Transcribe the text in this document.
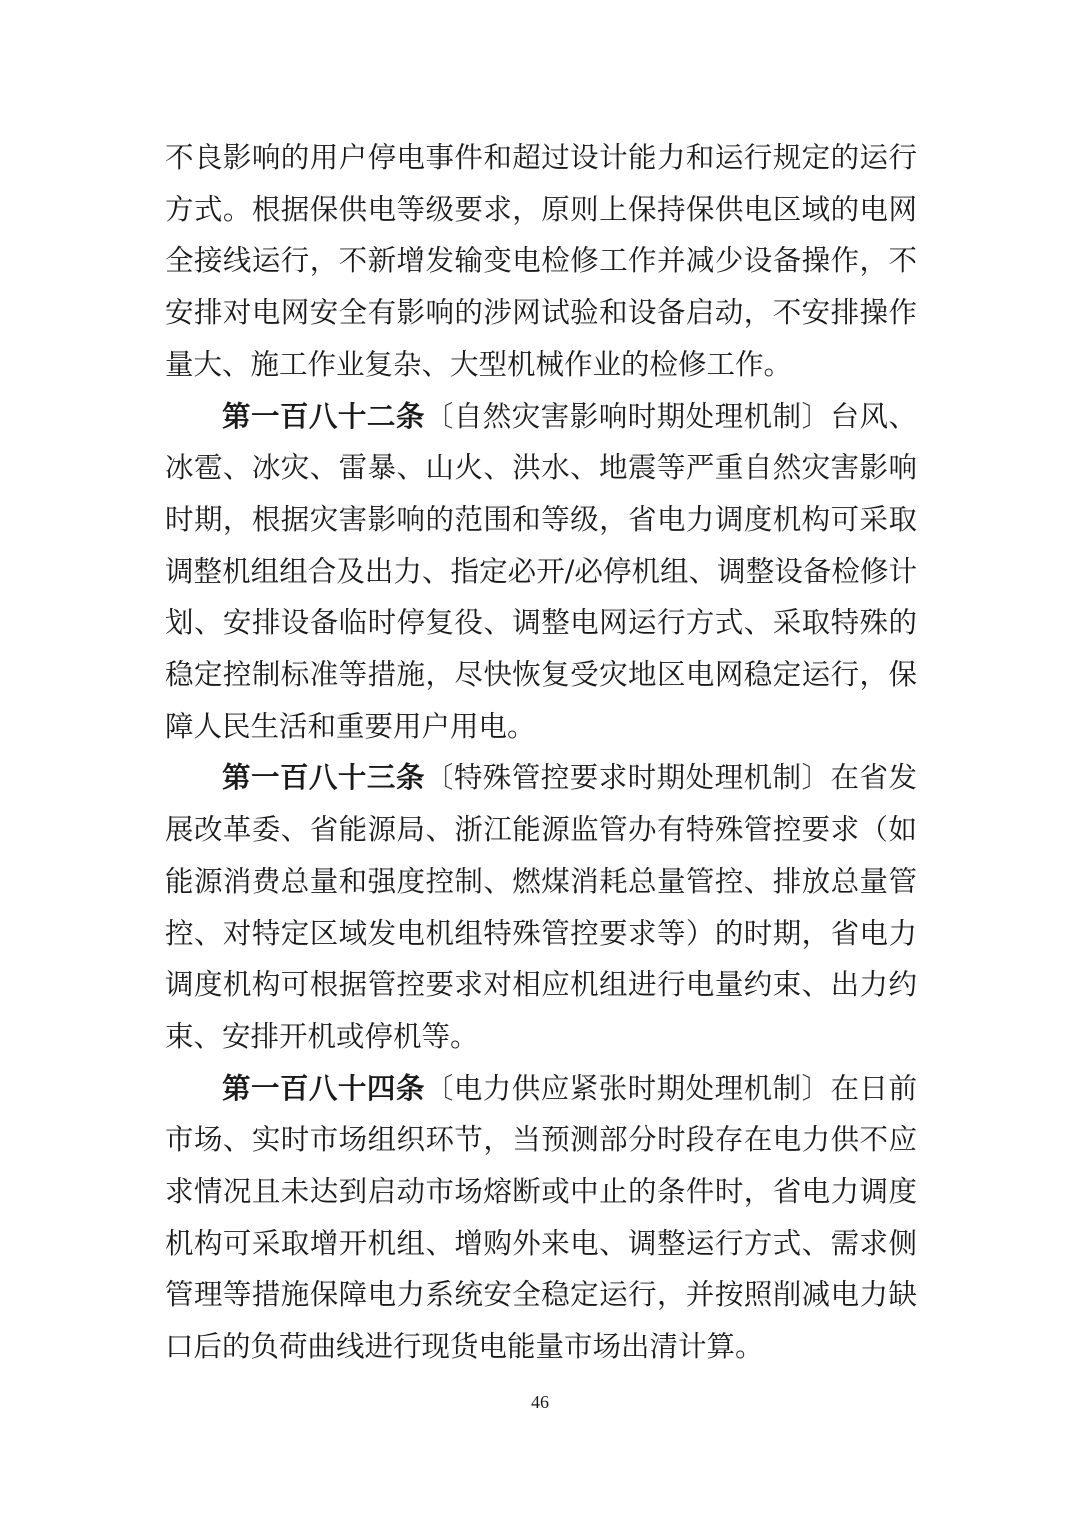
不良影响的用户停电事件和超过设计能力和运行规定的运行方式。根据保供电等级要求，原则上保持保供电区域的电网全接线运行，不新增发输变电检修工作并减少设备操作，不安排对电网安全有影响的涉网试验和设备启动，不安排操作量大、施工作业复杂、大型机械作业的检修工作。

第一百八十二条〔自然灾害影响时期处理机制〕台风、冰雹、冰灾、雷暴、山火、洪水、地震等严重自然灾害影响时期，根据灾害影响的范围和等级，省电力调度机构可采取调整机组组合及出力、指定必开/必停机组、调整设备检修计划、安排设备临时停复役、调整电网运行方式、采取特殊的稳定控制标准等措施，尽快恢复受灾地区电网稳定运行，保障人民生活和重要用户用电。

第一百八十三条〔特殊管控要求时期处理机制〕在省发展改革委、省能源局、浙江能源监管办有特殊管控要求（如能源消费总量和强度控制、燃煤消耗总量管控、排放总量管控、对特定区域发电机组特殊管控要求等）的时期，省电力调度机构可根据管控要求对相应机组进行电量约束、出力约束、安排开机或停机等。

第一百八十四条〔电力供应紧张时期处理机制〕在日前市场、实时市场组织环节，当预测部分时段存在电力供不应求情况且未达到启动市场熔断或中止的条件时，省电力调度机构可采取增开机组、增购外来电、调整运行方式、需求侧管理等措施保障电力系统安全稳定运行，并按照削减电力缺口后的负荷曲线进行现货电能量市场出清计算。

46
